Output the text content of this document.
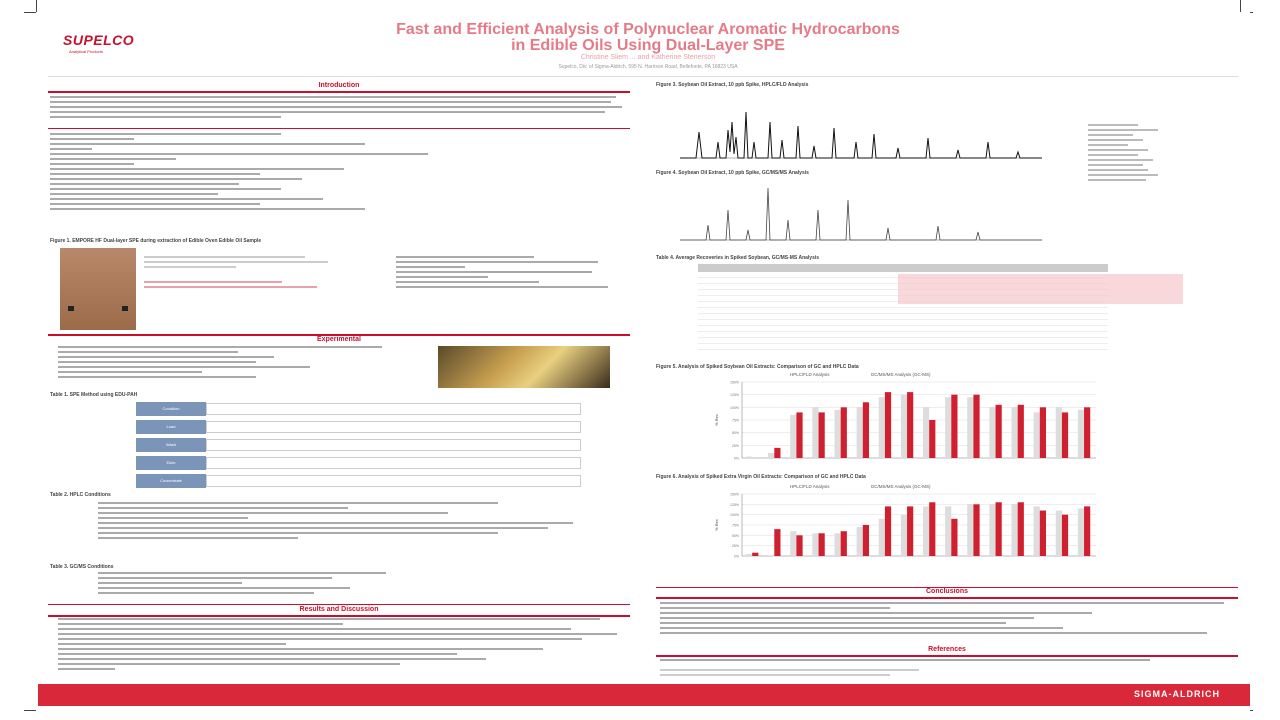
SUPELCO
Analytical Products
Fast and Efficient Analysis of Polynuclear Aromatic Hydrocarbons
in Edible Oils Using Dual-Layer SPE
Christine Sliem ... and Katherine Stenerson
Supelco, Div. of Sigma-Aldrich, 595 N. Harrison Road, Bellefonte, PA 16823 USA
Introduction
Figure 1. EMPORE HF Dual-layer SPE during extraction of Edible Oven Edible Oil Sample
Experimental
Table 1. SPE Method using EDU-PAH
Condition
Load
Wash
Elute
Concentrate
Table 2. HPLC Conditions
Table 3. GC/MS Conditions
Results and Discussion
Figure 3. Soybean Oil Extract, 10 ppb Spike, HPLC/FLD Analysis
Figure 4. Soybean Oil Extract, 10 ppb Spike, GC/MS/MS Analysis
Table 4. Average Recoveries in Spiked Soybean, GC/MS-MS Analysis
Figure 5. Analysis of Spiked Soybean Oil Extracts: Comparison of GC and HPLC Data
HPLC/FLD Analysis	GC/MS/MS Analysis (GC-MS)
0%
25%
50%
75%
100%
125%
150%
% Rec
Figure 6. Analysis of Spiked Extra Virgin Oil Extracts: Comparison of GC and HPLC Data
HPLC/FLD Analysis	GC/MS/MS Analysis (GC-MS)
0%
25%
50%
75%
100%
125%
150%
% Rec
Conclusions
References
SIGMA-ALDRICH
